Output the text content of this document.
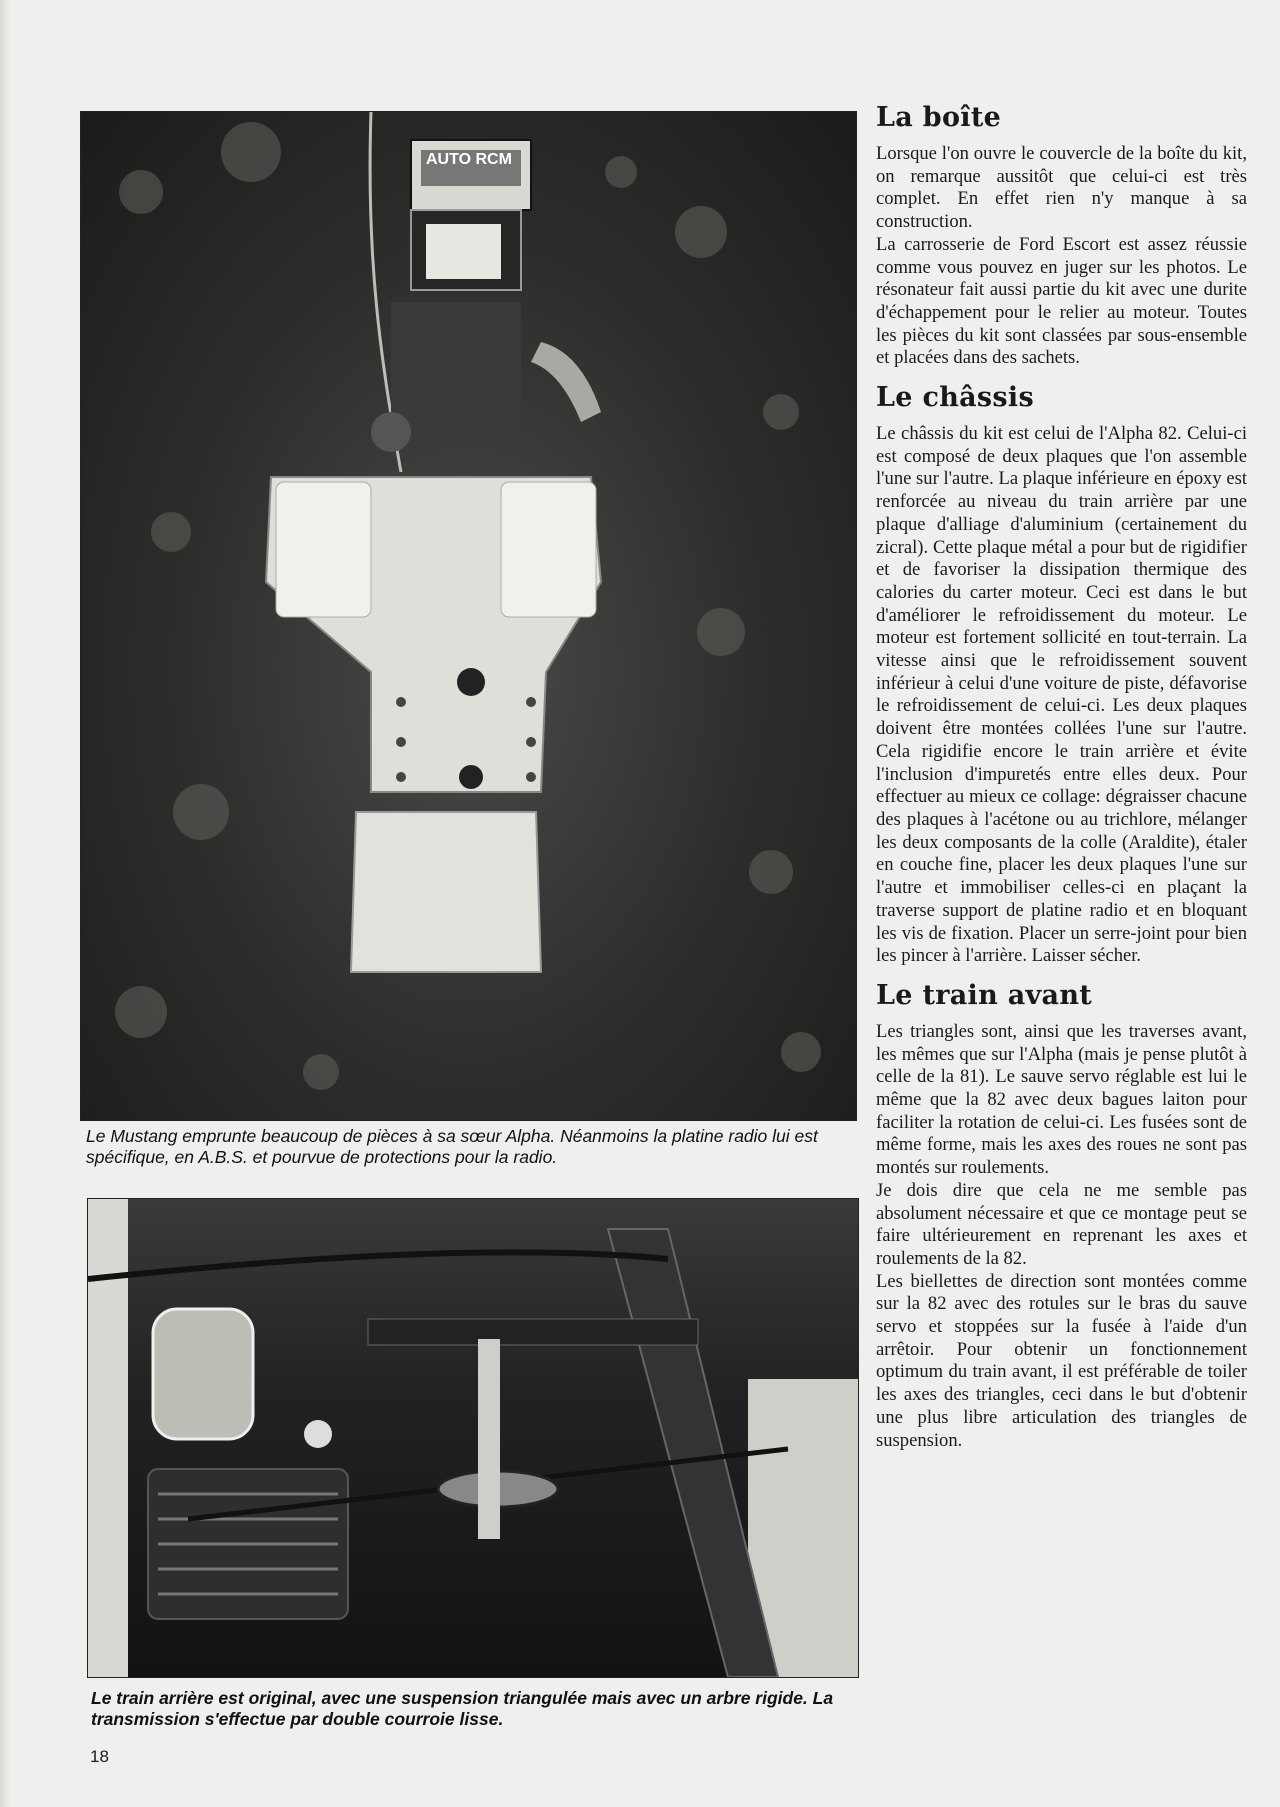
AUTO RCM

Le Mustang emprunte beaucoup de pièces à sa sœur Alpha. Néanmoins la platine radio lui est spécifique, en A.B.S. et pourvue de protections pour la radio.

Le train arrière est original, avec une suspension triangulée mais avec un arbre rigide. La transmission s'effectue par double courroie lisse.

La boîte

Lorsque l'on ouvre le couvercle de la boîte du kit, on remarque aussitôt que celui-ci est très complet. En effet rien n'y manque à sa construction.

La carrosserie de Ford Escort est assez réussie comme vous pouvez en juger sur les photos. Le résonateur fait aussi partie du kit avec une durite d'échappement pour le relier au moteur. Toutes les pièces du kit sont classées par sous-ensemble et placées dans des sachets.

Le châssis

Le châssis du kit est celui de l'Alpha 82. Celui-ci est composé de deux plaques que l'on assemble l'une sur l'autre. La plaque inférieure en époxy est renforcée au niveau du train arrière par une plaque d'alliage d'aluminium (certainement du zicral). Cette plaque métal a pour but de rigidifier et de favoriser la dissipation thermique des calories du carter moteur. Ceci est dans le but d'améliorer le refroidissement du moteur. Le moteur est fortement sollicité en tout-terrain. La vitesse ainsi que le refroidissement souvent inférieur à celui d'une voiture de piste, défavorise le refroidissement de celui-ci. Les deux plaques doivent être montées collées l'une sur l'autre. Cela rigidifie encore le train arrière et évite l'inclusion d'impuretés entre elles deux. Pour effectuer au mieux ce collage: dégraisser chacune des plaques à l'acétone ou au trichlore, mélanger les deux composants de la colle (Araldite), étaler en couche fine, placer les deux plaques l'une sur l'autre et immobiliser celles-ci en plaçant la traverse support de platine radio et en bloquant les vis de fixation. Placer un serre-joint pour bien les pincer à l'arrière. Laisser sécher.

Le train avant

Les triangles sont, ainsi que les traverses avant, les mêmes que sur l'Alpha (mais je pense plutôt à celle de la 81). Le sauve servo réglable est lui le même que la 82 avec deux bagues laiton pour faciliter la rotation de celui-ci. Les fusées sont de même forme, mais les axes des roues ne sont pas montés sur roulements.

Je dois dire que cela ne me semble pas absolument nécessaire et que ce montage peut se faire ultérieurement en reprenant les axes et roulements de la 82.

Les biellettes de direction sont montées comme sur la 82 avec des rotules sur le bras du sauve servo et stoppées sur la fusée à l'aide d'un arrêtoir. Pour obtenir un fonctionnement optimum du train avant, il est préférable de toiler les axes des triangles, ceci dans le but d'obtenir une plus libre articulation des triangles de suspension.

18
